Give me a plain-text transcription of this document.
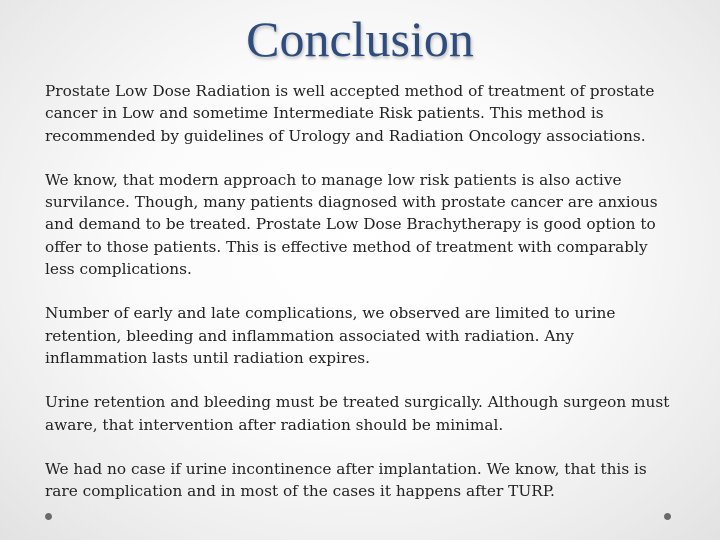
Conclusion

Prostate Low Dose Radiation is well accepted method of treatment of prostate cancer in Low and sometime Intermediate Risk patients. This method is recommended by guidelines of Urology and Radiation Oncology associations.

We know, that modern approach to manage low risk patients is also active survilance. Though, many patients diagnosed with prostate cancer are anxious and demand to be treated. Prostate Low Dose Brachytherapy is good option to offer to those patients. This is effective method of treatment with comparably less complications.

Number of early and late complications, we observed are limited to urine retention, bleeding and inflammation associated with radiation. Any inflammation lasts until radiation expires.

Urine retention and bleeding must be treated surgically. Although surgeon must aware, that intervention after radiation should be minimal.

We had no case if urine incontinence after implantation. We know, that this is rare complication and in most of the cases it happens after TURP.
